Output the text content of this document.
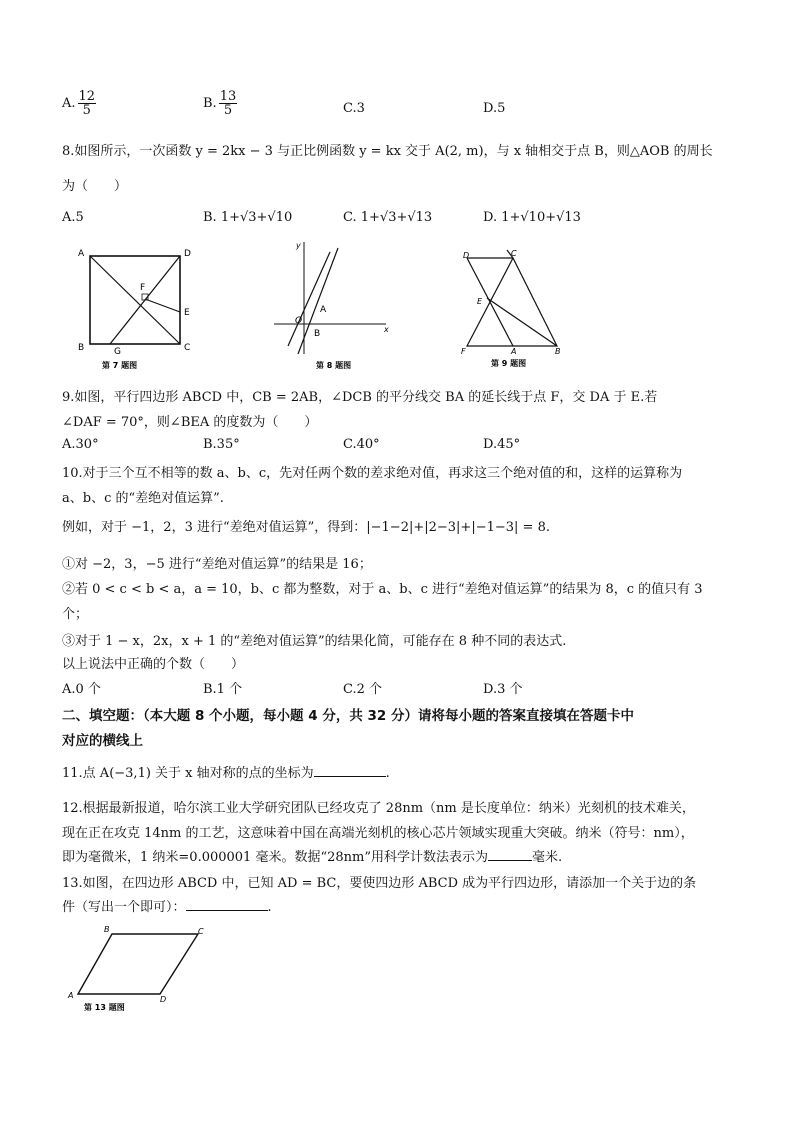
A. $\frac{12}{5}$	B. $\frac{13}{5}$	C.3	D.5
8.如图所示，一次函数 y = 2kx − 3 与正比例函数 y = kx 交于 A(2, m)，与 x 轴相交于点 B，则△AOB 的周长
为（　　）
A.5	B. 1+√3+√10	C. 1+√3+√13	D. 1+√10+√13
A	D
F
E
B	G	C
第 7 题图
y
O
A
B	x
第 8 题图
D	C
E
F	A	B
第 9 题图
9.如图，平行四边形 ABCD 中，CB = 2AB，∠DCB 的平分线交 BA 的延长线于点 F，交 DA 于 E.若
∠DAF = 70°，则∠BEA 的度数为（　　）
A.30°	B.35°	C.40°	D.45°
10.对于三个互不相等的数 a、b、c，先对任两个数的差求绝对值，再求这三个绝对值的和，这样的运算称为
a、b、c 的“差绝对值运算”.
例如，对于 −1，2，3 进行“差绝对值运算”，得到：|−1−2|+|2−3|+|−1−3| = 8.
①对 −2，3，−5 进行“差绝对值运算”的结果是 16；
②若 0 < c < b < a，a = 10，b、c 都为整数，对于 a、b、c 进行“差绝对值运算”的结果为 8，c 的值只有 3
个；
③对于 1 − x，2x，x + 1 的“差绝对值运算”的结果化简，可能存在 8 种不同的表达式.
以上说法中正确的个数（　　）
A.0 个	B.1 个	C.2 个	D.3 个
二、填空题：（本大题 8 个小题，每小题 4 分，共 32 分）请将每小题的答案直接填在答题卡中
对应的横线上
11.点 A(−3,1) 关于 x 轴对称的点的坐标为	.
12.根据最新报道，哈尔滨工业大学研究团队已经攻克了 28nm（nm 是长度单位：纳米）光刻机的技术难关，
现在正在攻克 14nm 的工艺，这意味着中国在高端光刻机的核心芯片领域实现重大突破。纳米（符号：nm），
即为毫微米，1 纳米=0.000001 毫米。数据“28nm”用科学计数法表示为	毫米.
13.如图，在四边形 ABCD 中，已知 AD = BC，要使四边形 ABCD 成为平行四边形，请添加一个关于边的条
件（写出一个即可）：	.
B	C
A	D
第 13 题图
